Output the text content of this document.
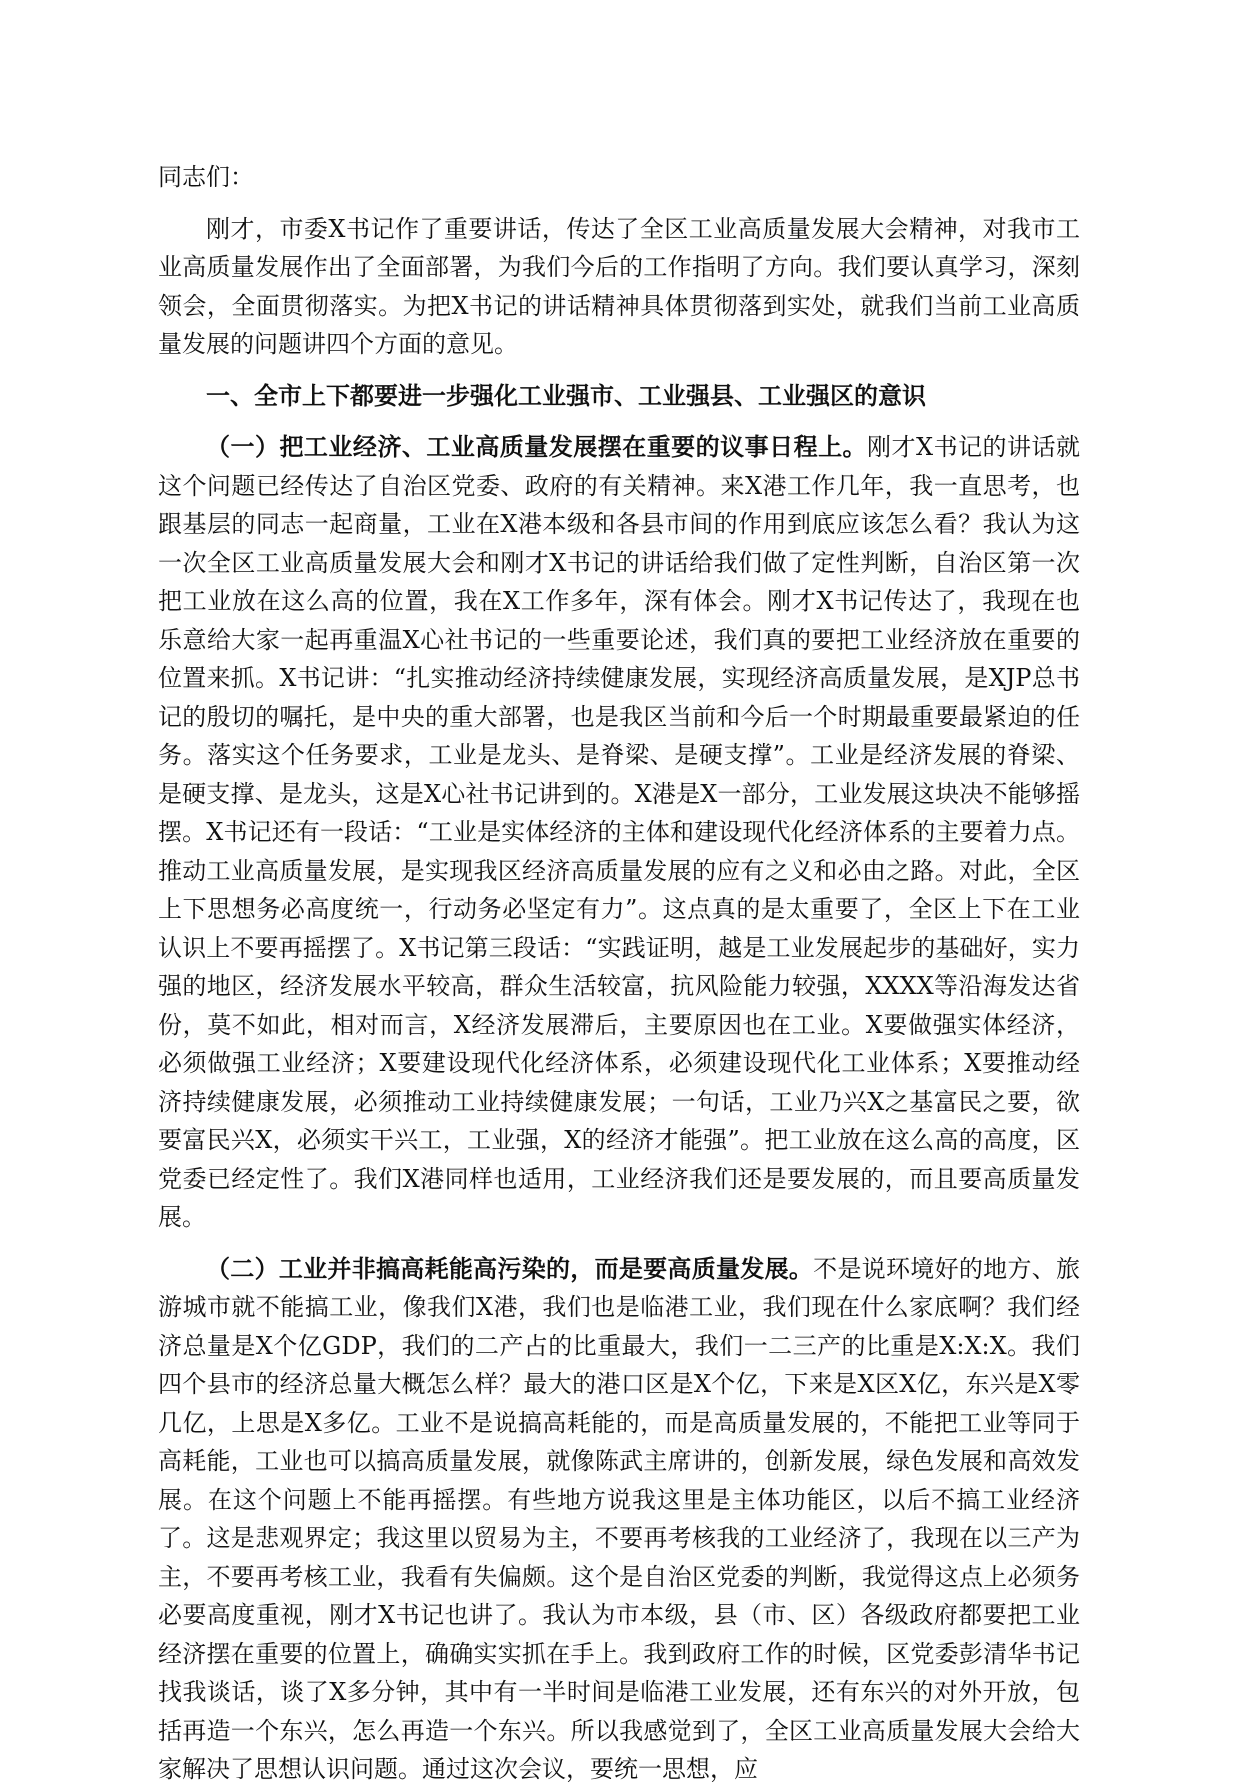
同志们：

刚才，市委X书记作了重要讲话，传达了全区工业高质量发展大会精神，对我市工业高质量发展作出了全面部署，为我们今后的工作指明了方向。我们要认真学习，深刻领会，全面贯彻落实。为把X书记的讲话精神具体贯彻落到实处，就我们当前工业高质量发展的问题讲四个方面的意见。

一、全市上下都要进一步强化工业强市、工业强县、工业强区的意识

（一）把工业经济、工业高质量发展摆在重要的议事日程上。刚才X书记的讲话就这个问题已经传达了自治区党委、政府的有关精神。来X港工作几年，我一直思考，也跟基层的同志一起商量，工业在X港本级和各县市间的作用到底应该怎么看？我认为这一次全区工业高质量发展大会和刚才X书记的讲话给我们做了定性判断，自治区第一次把工业放在这么高的位置，我在X工作多年，深有体会。刚才X书记传达了，我现在也乐意给大家一起再重温X心社书记的一些重要论述，我们真的要把工业经济放在重要的位置来抓。X书记讲：“扎实推动经济持续健康发展，实现经济高质量发展，是XJP总书记的殷切的嘱托，是中央的重大部署，也是我区当前和今后一个时期最重要最紧迫的任务。落实这个任务要求，工业是龙头、是脊梁、是硬支撑”。工业是经济发展的脊梁、是硬支撑、是龙头，这是X心社书记讲到的。X港是X一部分，工业发展这块决不能够摇摆。X书记还有一段话：“工业是实体经济的主体和建设现代化经济体系的主要着力点。推动工业高质量发展，是实现我区经济高质量发展的应有之义和必由之路。对此，全区上下思想务必高度统一，行动务必坚定有力”。这点真的是太重要了，全区上下在工业认识上不要再摇摆了。X书记第三段话：“实践证明，越是工业发展起步的基础好，实力强的地区，经济发展水平较高，群众生活较富，抗风险能力较强，XXXX等沿海发达省份，莫不如此，相对而言，X经济发展滞后，主要原因也在工业。X要做强实体经济，必须做强工业经济；X要建设现代化经济体系，必须建设现代化工业体系；X要推动经济持续健康发展，必须推动工业持续健康发展；一句话，工业乃兴X之基富民之要，欲要富民兴X，必须实干兴工，工业强，X的经济才能强”。把工业放在这么高的高度，区党委已经定性了。我们X港同样也适用，工业经济我们还是要发展的，而且要高质量发展。

（二）工业并非搞高耗能高污染的，而是要高质量发展。不是说环境好的地方、旅游城市就不能搞工业，像我们X港，我们也是临港工业，我们现在什么家底啊？我们经济总量是X个亿GDP，我们的二产占的比重最大，我们一二三产的比重是X:X:X。我们四个县市的经济总量大概怎么样？最大的港口区是X个亿，下来是X区X亿，东兴是X零几亿，上思是X多亿。工业不是说搞高耗能的，而是高质量发展的，不能把工业等同于高耗能，工业也可以搞高质量发展，就像陈武主席讲的，创新发展，绿色发展和高效发展。在这个问题上不能再摇摆。有些地方说我这里是主体功能区，以后不搞工业经济了。这是悲观界定；我这里以贸易为主，不要再考核我的工业经济了，我现在以三产为主，不要再考核工业，我看有失偏颇。这个是自治区党委的判断，我觉得这点上必须务必要高度重视，刚才X书记也讲了。我认为市本级，县（市、区）各级政府都要把工业经济摆在重要的位置上，确确实实抓在手上。我到政府工作的时候，区党委彭清华书记找我谈话，谈了X多分钟，其中有一半时间是临港工业发展，还有东兴的对外开放，包括再造一个东兴，怎么再造一个东兴。所以我感觉到了，全区工业高质量发展大会给大家解决了思想认识问题。通过这次会议，要统一思想，应
